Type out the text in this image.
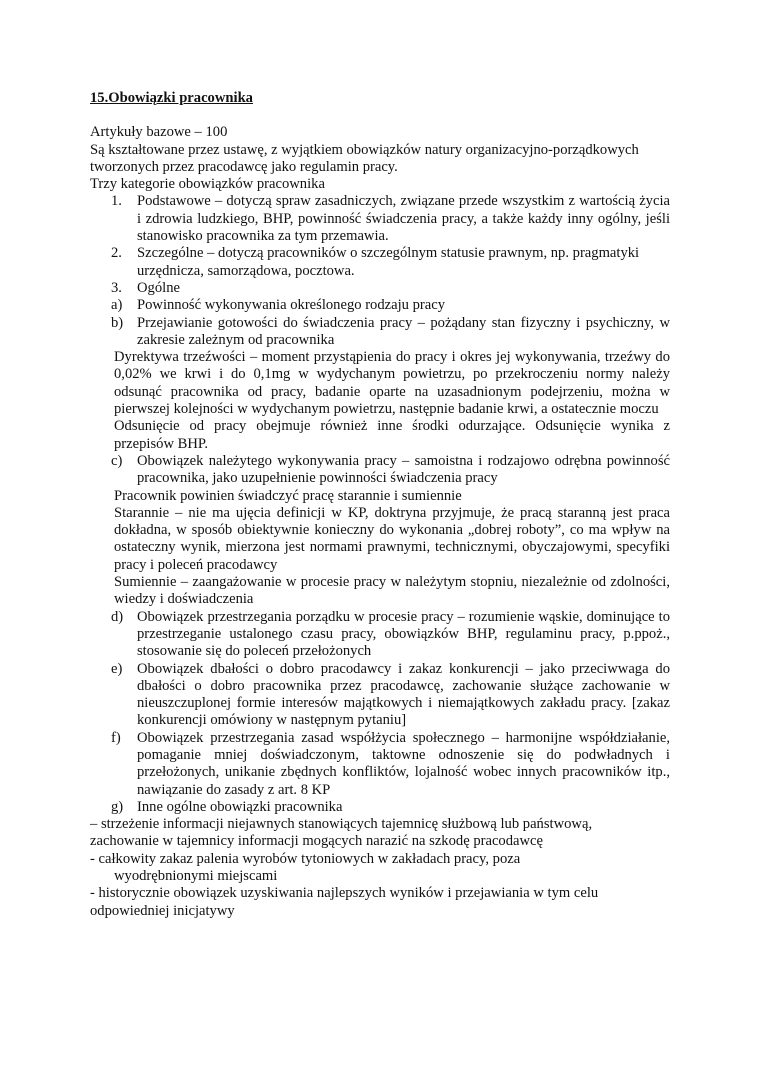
15.Obowiązki pracownika

Artykuły bazowe – 100

Są kształtowane przez ustawę, z wyjątkiem obowiązków natury organizacyjno-porządkowych tworzonych przez pracodawcę jako regulamin pracy.

Trzy kategorie obowiązków pracownika

1. Podstawowe – dotyczą spraw zasadniczych, związane przede wszystkim z wartością życia i zdrowia ludzkiego, BHP, powinność świadczenia pracy, a także każdy inny ogólny, jeśli stanowisko pracownika za tym przemawia.
2. Szczególne – dotyczą pracowników o szczególnym statusie prawnym, np. pragmatyki urzędnicza, samorządowa, pocztowa.
3. Ogólne
a) Powinność wykonywania określonego rodzaju pracy
b) Przejawianie gotowości do świadczenia pracy – pożądany stan fizyczny i psychiczny, w zakresie zależnym od pracownika

Dyrektywa trzeźwości – moment przystąpienia do pracy i okres jej wykonywania, trzeźwy do 0,02% we krwi i do 0,1mg w wydychanym powietrzu, po przekroczeniu normy należy odsunąć pracownika od pracy, badanie oparte na uzasadnionym podejrzeniu, można w pierwszej kolejności w wydychanym powietrzu, następnie badanie krwi, a ostatecznie moczu

Odsunięcie od pracy obejmuje również inne środki odurzające. Odsunięcie wynika z przepisów BHP.

c) Obowiązek należytego wykonywania pracy – samoistna i rodzajowo odrębna powinność pracownika, jako uzupełnienie powinności świadczenia pracy

Pracownik powinien świadczyć pracę starannie i sumiennie

Starannie – nie ma ujęcia definicji w KP, doktryna przyjmuje, że pracą staranną jest praca dokładna, w sposób obiektywnie konieczny do wykonania „dobrej roboty”, co ma wpływ na ostateczny wynik, mierzona jest normami prawnymi, technicznymi, obyczajowymi, specyfiki pracy i poleceń pracodawcy

Sumiennie – zaangażowanie w procesie pracy w należytym stopniu, niezależnie od zdolności, wiedzy i doświadczenia

d) Obowiązek przestrzegania porządku w procesie pracy – rozumienie wąskie, dominujące to przestrzeganie ustalonego czasu pracy, obowiązków BHP, regulaminu pracy, p.ppoż., stosowanie się do poleceń przełożonych
e) Obowiązek dbałości o dobro pracodawcy i zakaz konkurencji – jako przeciwwaga do dbałości o dobro pracownika przez pracodawcę, zachowanie służące zachowanie w nieuszczuplonej formie interesów majątkowych i niemajątkowych zakładu pracy. [zakaz konkurencji omówiony w następnym pytaniu]
f) Obowiązek przestrzegania zasad współżycia społecznego – harmonijne współdziałanie, pomaganie mniej doświadczonym, taktowne odnoszenie się do podwładnych i przełożonych, unikanie zbędnych konfliktów, lojalność wobec innych pracowników itp., nawiązanie do zasady z art. 8 KP
g) Inne ogólne obowiązki pracownika
– strzeżenie informacji niejawnych stanowiących tajemnicę służbową lub państwową,
zachowanie w tajemnicy informacji mogących narazić na szkodę pracodawcę
- całkowity zakaz palenia wyrobów tytoniowych w zakładach pracy, poza
wyodrębnionymi miejscami
- historycznie obowiązek uzyskiwania najlepszych wyników i przejawiania w tym celu
odpowiedniej inicjatywy
